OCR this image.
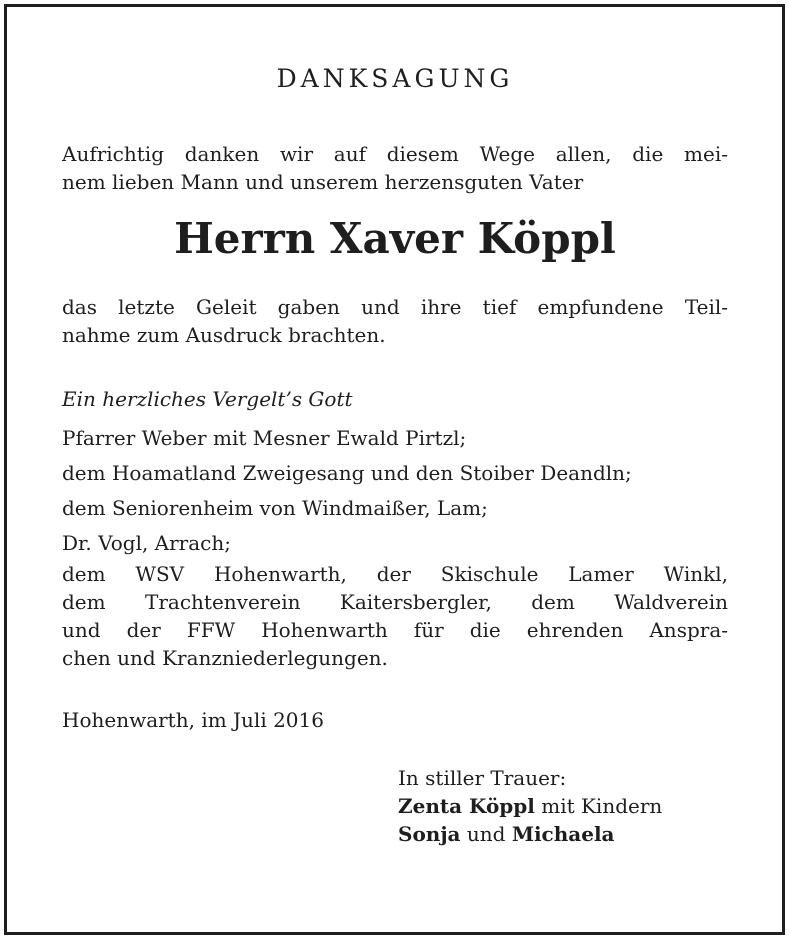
DANKSAGUNG

Aufrichtig danken wir auf diesem Wege allen, die mei-

nem lieben Mann und unserem herzensguten Vater

Herrn Xaver Köppl

das letzte Geleit gaben und ihre tief empfundene Teil-

nahme zum Ausdruck brachten.

Ein herzliches Vergelt’s Gott

Pfarrer Weber mit Mesner Ewald Pirtzl;

dem Hoamatland Zweigesang und den Stoiber Deandln;

dem Seniorenheim von Windmaißer, Lam;

Dr. Vogl, Arrach;

dem WSV Hohenwarth, der Skischule Lamer Winkl,

dem Trachtenverein Kaitersbergler, dem Waldverein

und der FFW Hohenwarth für die ehrenden Anspra-

chen und Kranzniederlegungen.

Hohenwarth, im Juli 2016

In stiller Trauer:
Zenta Köppl mit Kindern
Sonja und Michaela
